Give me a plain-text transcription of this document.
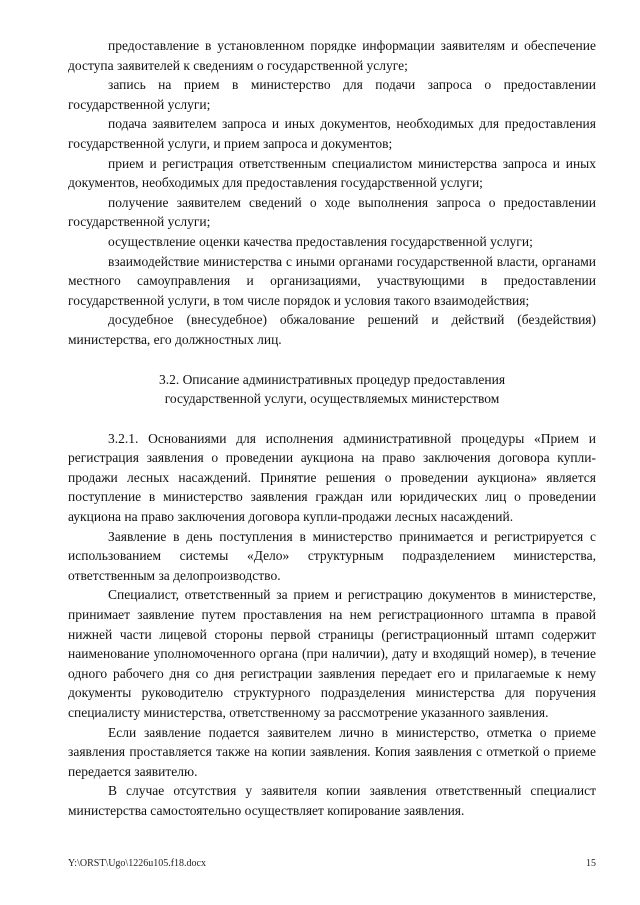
предоставление в установленном порядке информации заявителям и обеспечение доступа заявителей к сведениям о государственной услуге;

запись на прием в министерство для подачи запроса о предоставлении государственной услуги;

подача заявителем запроса и иных документов, необходимых для предоставления государственной услуги, и прием запроса и документов;

прием и регистрация ответственным специалистом министерства запроса и иных документов, необходимых для предоставления государственной услуги;

получение заявителем сведений о ходе выполнения запроса о предоставлении государственной услуги;

осуществление оценки качества предоставления государственной услуги;

взаимодействие министерства с иными органами государственной власти, органами местного самоуправления и организациями, участвующими в предоставлении государственной услуги, в том числе порядок и условия такого взаимодействия;

досудебное (внесудебное) обжалование решений и действий (бездействия) министерства, его должностных лиц.

3.2. Описание административных процедур предоставления
государственной услуги, осуществляемых министерством

3.2.1. Основаниями для исполнения административной процедуры «Прием и регистрация заявления о проведении аукциона на право заключения договора купли-продажи лесных насаждений. Принятие решения о проведении аукциона» является поступление в министерство заявления граждан или юридических лиц о проведении аукциона на право заключения договора купли-продажи лесных насаждений.

Заявление в день поступления в министерство принимается и регистрируется с использованием системы «Дело» структурным подразделением министерства, ответственным за делопроизводство.

Специалист, ответственный за прием и регистрацию документов в министерстве, принимает заявление путем проставления на нем регистрационного штампа в правой нижней части лицевой стороны первой страницы (регистрационный штамп содержит наименование уполномоченного органа (при наличии), дату и входящий номер), в течение одного рабочего дня со дня регистрации заявления передает его и прилагаемые к нему документы руководителю структурного подразделения министерства для поручения специалисту министерства, ответственному за рассмотрение указанного заявления.

Если заявление подается заявителем лично в министерство, отметка о приеме заявления проставляется также на копии заявления. Копия заявления с отметкой о приеме передается заявителю.

В случае отсутствия у заявителя копии заявления ответственный специалист министерства самостоятельно осуществляет копирование заявления.

Y:\ORST\Ugo\1226u105.f18.docx	15
